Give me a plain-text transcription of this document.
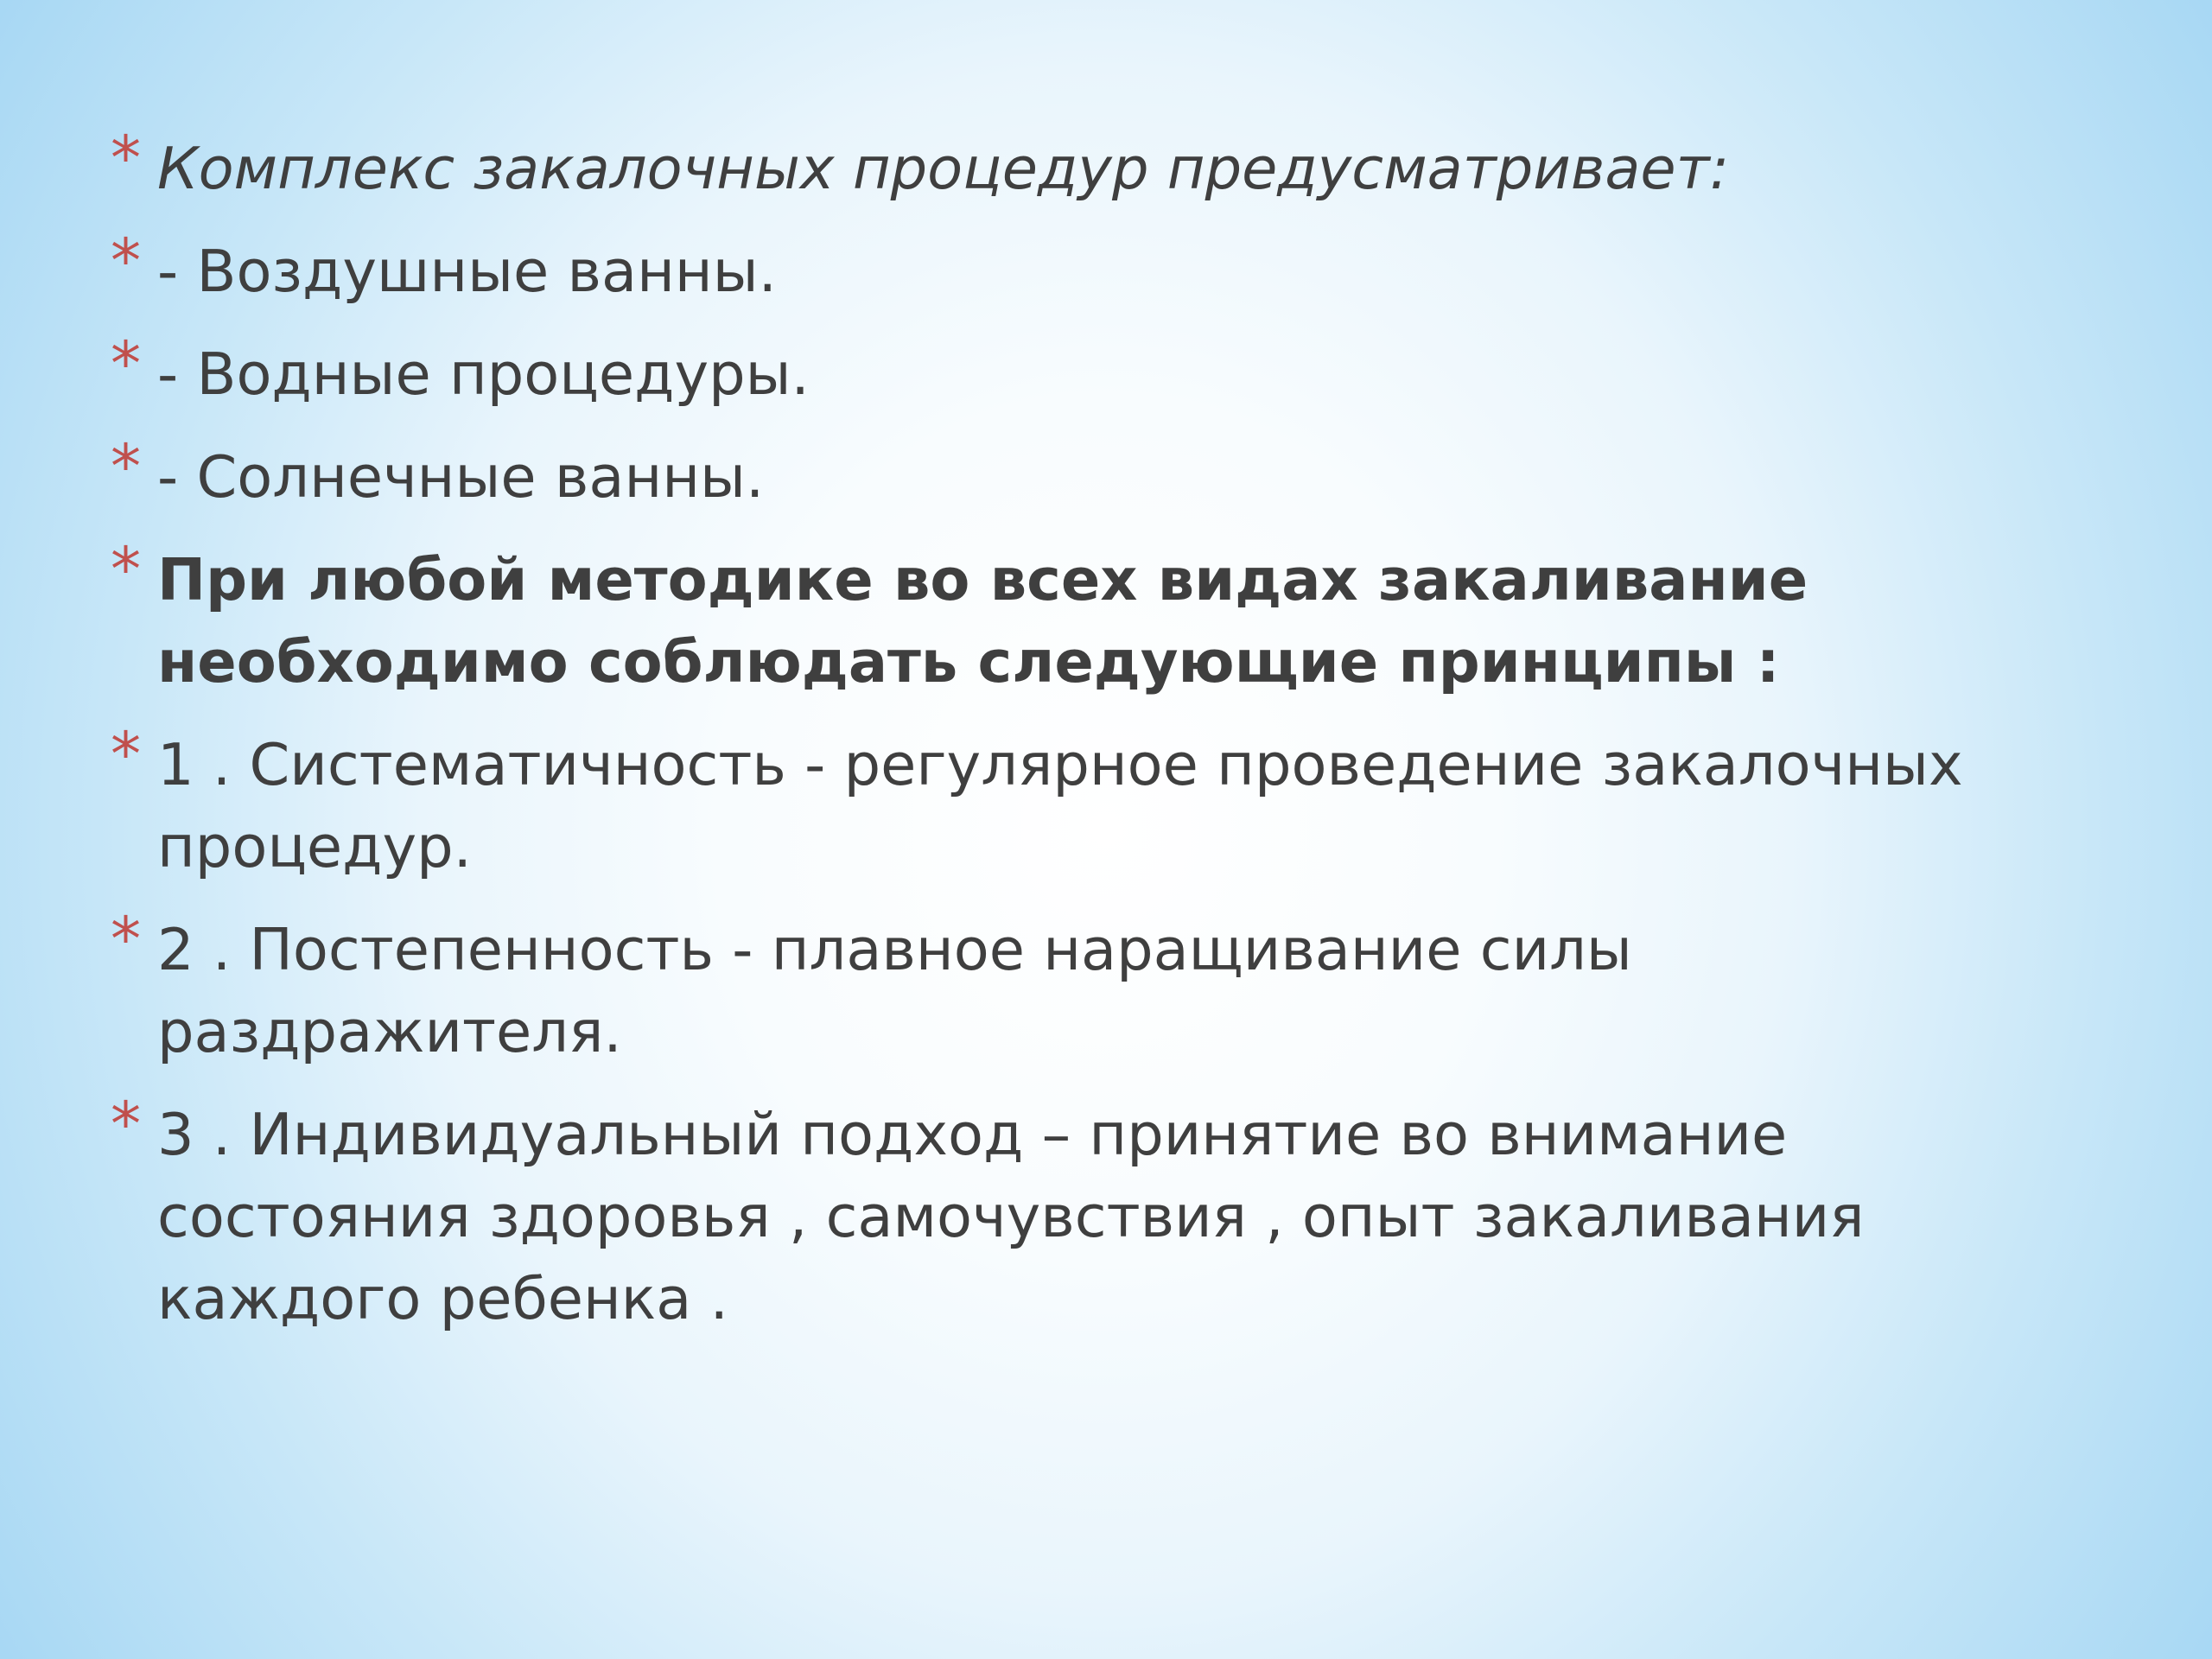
* Комплекс закалочных процедур предусматривает:
* - Воздушные ванны.
* - Водные процедуры.
* - Солнечные ванны.
* При любой методике во всех видах закаливание
необходимо соблюдать следующие принципы :
* 1 . Систематичность - регулярное проведение закалочных
процедур.
* 2 . Постепенность - плавное наращивание силы
раздражителя.
* 3 . Индивидуальный подход – принятие во внимание
состояния здоровья , самочувствия , опыт закаливания
каждого ребенка .
